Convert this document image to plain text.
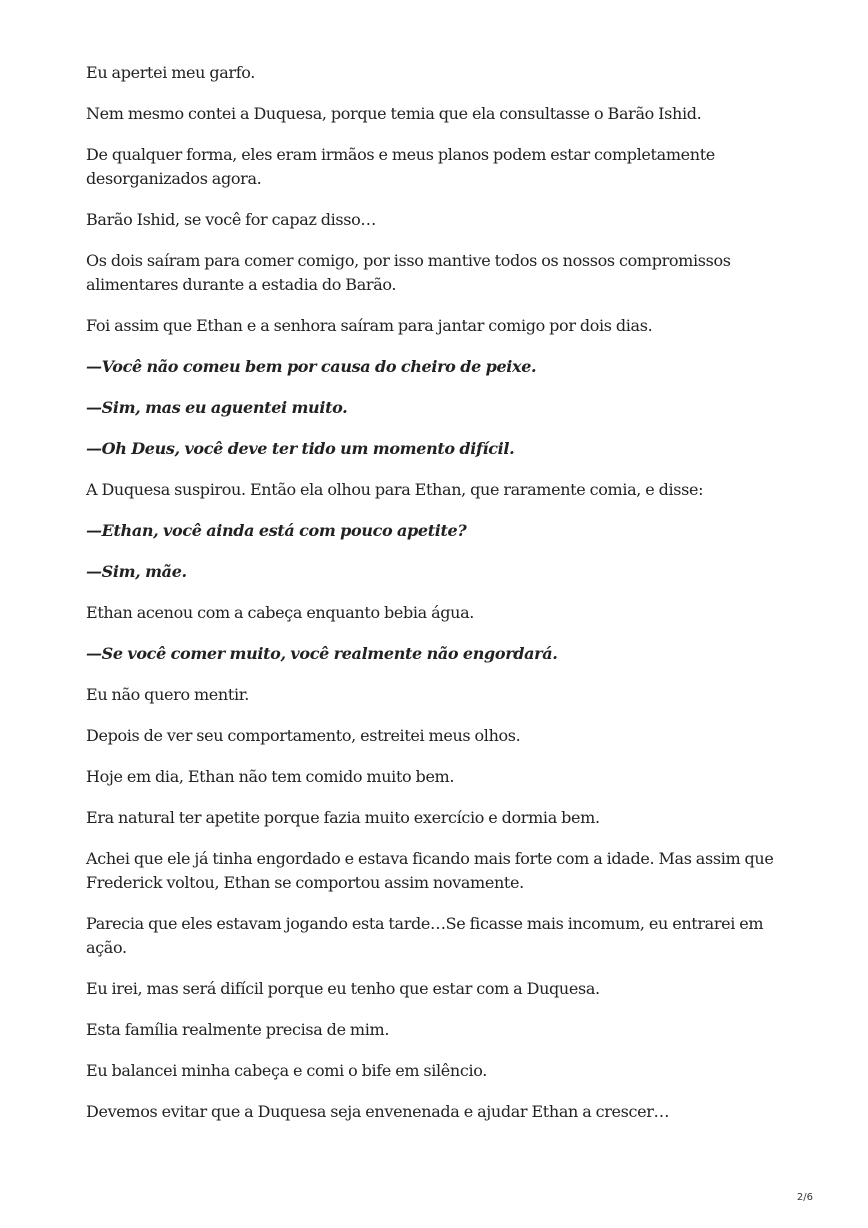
Eu apertei meu garfo.

Nem mesmo contei a Duquesa, porque temia que ela consultasse o Barão Ishid.

De qualquer forma, eles eram irmãos e meus planos podem estar completamente desorganizados agora.

Barão Ishid, se você for capaz disso…

Os dois saíram para comer comigo, por isso mantive todos os nossos compromissos alimentares durante a estadia do Barão.

Foi assim que Ethan e a senhora saíram para jantar comigo por dois dias.

—Você não comeu bem por causa do cheiro de peixe.

—Sim, mas eu aguentei muito.

—Oh Deus, você deve ter tido um momento difícil.

A Duquesa suspirou. Então ela olhou para Ethan, que raramente comia, e disse:

—Ethan, você ainda está com pouco apetite?

—Sim, mãe.

Ethan acenou com a cabeça enquanto bebia água.

—Se você comer muito, você realmente não engordará.

Eu não quero mentir.

Depois de ver seu comportamento, estreitei meus olhos.

Hoje em dia, Ethan não tem comido muito bem.

Era natural ter apetite porque fazia muito exercício e dormia bem.

Achei que ele já tinha engordado e estava ficando mais forte com a idade. Mas assim que Frederick voltou, Ethan se comportou assim novamente.

Parecia que eles estavam jogando esta tarde…Se ficasse mais incomum, eu entrarei em ação.

Eu irei, mas será difícil porque eu tenho que estar com a Duquesa.

Esta família realmente precisa de mim.

Eu balancei minha cabeça e comi o bife em silêncio.

Devemos evitar que a Duquesa seja envenenada e ajudar Ethan a crescer…

2/6
